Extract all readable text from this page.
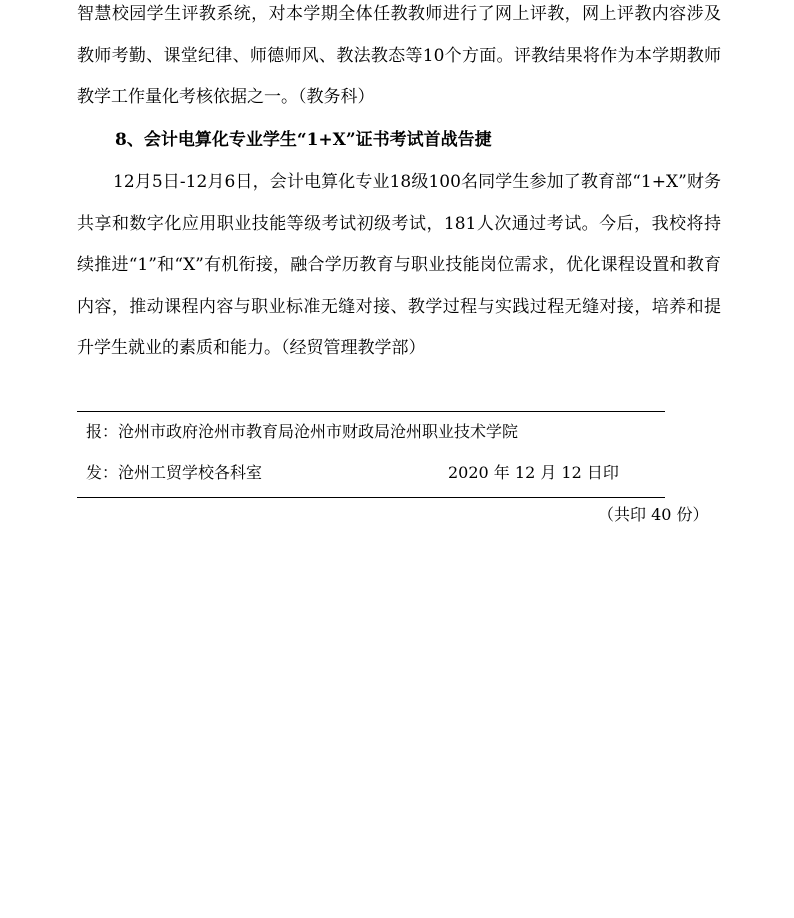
智慧校园学生评教系统，对本学期全体任教教师进行了网上评教，网上评教内容涉及教师考勤、课堂纪律、师德师风、教法教态等10个方面。评教结果将作为本学期教师教学工作量化考核依据之一。（教务科）

8、会计电算化专业学生“1+X”证书考试首战告捷

12月5日-12月6日，会计电算化专业18级100名同学生参加了教育部“1+X”财务共享和数字化应用职业技能等级考试初级考试，181人次通过考试。今后，我校将持续推进“1”和“X”有机衔接，融合学历教育与职业技能岗位需求，优化课程设置和教育内容，推动课程内容与职业标准无缝对接、教学过程与实践过程无缝对接，培养和提升学生就业的素质和能力。（经贸管理教学部）

报：沧州市政府沧州市教育局沧州市财政局沧州职业技术学院
发：沧州工贸学校各科室	2020 年 12 月 12 日印
（共印 40 份）
